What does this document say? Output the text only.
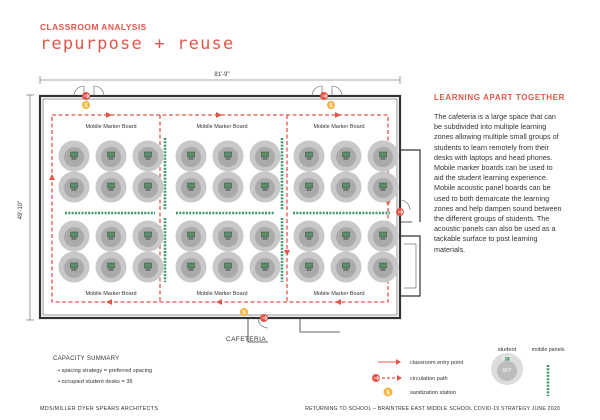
CLASSROOM ANALYSIS
repurpose + reuse
81'-9"
49'-10"
S	S
S
Mobile Marker Board	Mobile Marker Board	Mobile Marker Board
Mobile Marker Board	Mobile Marker Board	Mobile Marker Board
CAFETERIA
classroom entry point
circulation path
S	sanitization station
student
8FT
6FT
mobile panels
LEARNING APART TOGETHER
The cafeteria is a large space that can be subdivided into multiple learning zones allowing multiple small groups of students to learn remotely from their desks with laptops and head phones. Mobile marker boards can be used to aid the student learning experience. Mobile acoustic panel boards can be used to both demarcate the learning zones and help dampen sound between the different groups of students. The acoustic panels can also be used as a tackable surface to post learning materials.
CAPACITY SUMMARY
• spacing strategy = preferred spacing
• occupied student desks = 36
MDS/MILLER DYER SPEARS ARCHITECTS	RETURNING TO SCHOOL – BRAINTREE EAST MIDDLE SCHOOL COVID-19 STRATEGY JUNE 2020
